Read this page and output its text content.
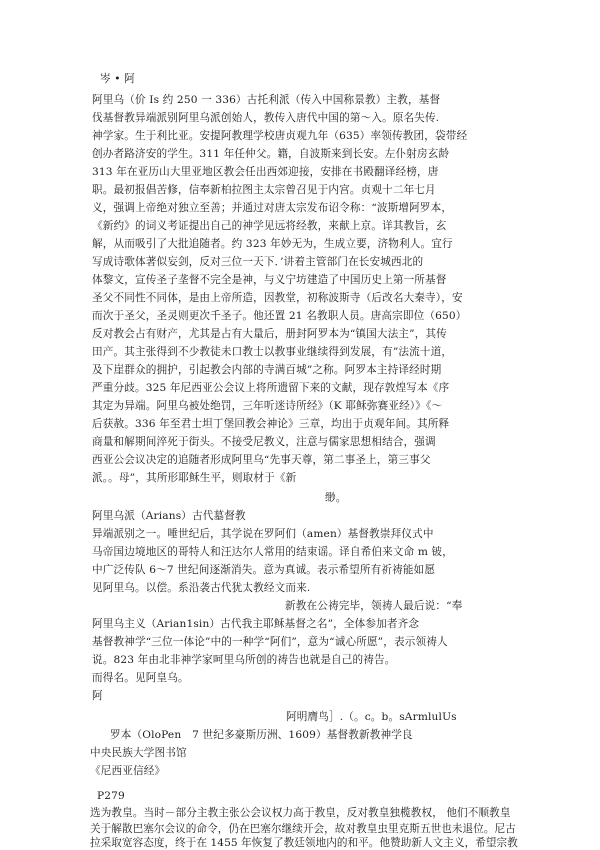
岑 • 阿

阿里乌（价 Is 约 250 一 336）古托利派（传入中国称景教）主教，基督

伐基督教异端派别阿里乌派创始人，教传入唐代中国的第～入。原名失传.

神学家。生于利比亚。安提阿教理学校唐贞观九年（635）率领传教团，袋带经

创办者路济安的学生。311 年任仲父。籍，自波斯来到长安。左仆射房玄龄

313 年在亚历山大里亚地区教会任出西郊迎接，安排在书殿翻译经榜，唐

职。最初报倡苦修，信奉新柏拉图主太宗曾召见于内宫。贞观十二年七月

义，强调上帝绝对独立至善；并通过对唐太宗发布诏令称：“波斯增阿罗本，

《新约》的词义考证提出自己的神学见远将经教，来献上京。详其教旨，玄

解，从而吸引了大批追随者。约 323 年妙无为，生成立要，济物利人。宜行

写成诗歌体著似妄剑，反对三位一天下．’讲着主管部门在长安城西北的

体黎文，宣传圣子垄督不完全是神，与义宁坊建造了中国历史上第一所基督

圣父不同性不同体，是由上帝所造，因教堂，初称波斯寺（后改名大秦寺），安

而次于圣父，圣灵则更次千圣子。他还置 21 名教职人员。唐高宗即位（650）

反对教会占有财产，尤其是占有大量后，册封阿罗本为“镇国大法主”，其传

田产。其主张得到不少教徒未口教士以教事业继续得到发展，有”法流十道，

及下崖群众的拥护，引起教会内部的寺满百城”之称。阿罗本主持译经时期

严重分歧。325 年尼西亚公会议上将所遗留下来的文献，现存敦煌写本《序

其定为异端。阿里乌被处绝罚，三年听迷诗所经》（K 耶稣弥赛亚经）》《～

后获赦。336 年至君士坦丁堡回教会神论》三章，均出于贞观年间。其所释

商量和解期间淬死于街头。不接受尼教义，注意与儒家思想相结合，强调

西亚公会议决定的追随者形成阿里乌“先事天尊，第二事圣上，第三事父

派。。母”，其所形耶稣生平，则取材于《新

缈。

阿里乌派（Arians）古代墓督教

异端派别之一。唾世纪后，其学说在罗阿们（amen）基督教崇拜仪式中

马帝国边境地区的哥特人和汪达尔人常用的结束谣。译自希伯来文命 m 铍，

中广泛传队 6～7 世纪间逐渐消失。意为真诚。表示希望所有祈祷能如愿

见阿里乌。以偿。系沿袭古代犹太教经文而来.

新教在公祷完毕，领祷人最后说：“奉

阿里乌主义（Arian1sin）古代我主耶稣基督之名”，全体参加者齐念

基督教神学“三位一体论”中的一种学“阿们”，意为“诚心所愿”，表示领祷人

说。823 年由北非神学家呵里乌所创的祷告也就是自己的祷告。

而得名。见阿皇乌。

阿

阿明膺鸟］.（。c。b。sArmlulUs

罗本（OloPen　7 世纪多豪斯历洲、1609）基督教新教神学良

中央民族大学图书馆

《尼西亚信经》

P279

选为教皇。当时－部分主教主张公会议权力高于教皇，反对教皇独榄教权， 他们不顺教皇

关于解散巴塞尔会议的命令，仍在巴塞尔继续开会，故对教皇虫里克斯五世也未退位。尼古

拉采取宽容态度，终于在 1455 年恢复了教廷领地内的和平。他赞助新人文主义，希望宗教
